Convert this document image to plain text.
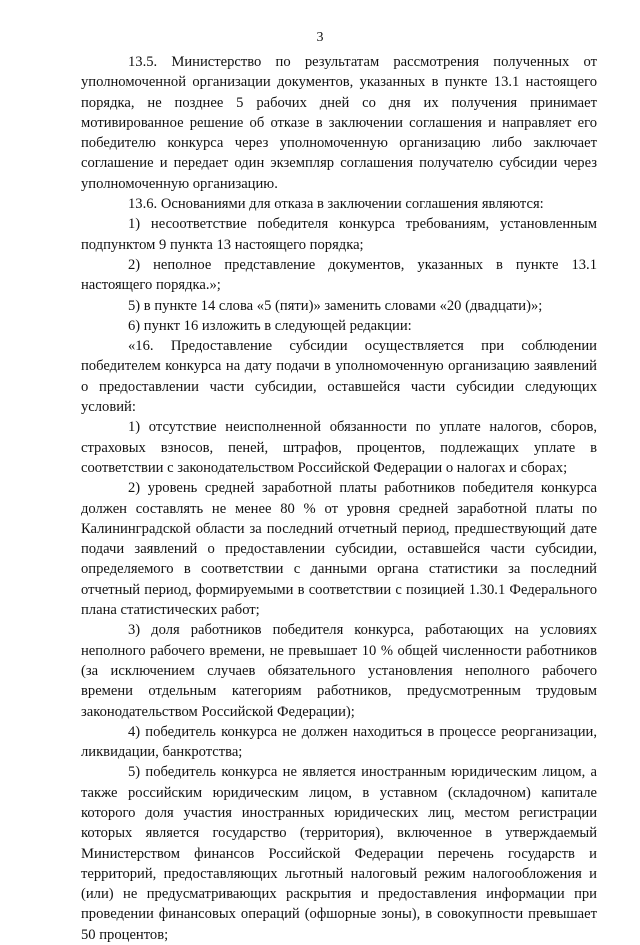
3

13.5. Министерство по результатам рассмотрения полученных от уполномоченной организации документов, указанных в пункте 13.1 настоящего порядка, не позднее 5 рабочих дней со дня их получения принимает мотивированное решение об отказе в заключении соглашения и направляет его победителю конкурса через уполномоченную организацию либо заключает соглашение и передает один экземпляр соглашения получателю субсидии через уполномоченную организацию.

13.6. Основаниями для отказа в заключении соглашения являются:

1) несоответствие победителя конкурса требованиям, установленным подпунктом 9 пункта 13 настоящего порядка;

2) неполное представление документов, указанных в пункте 13.1 настоящего порядка.»;

5) в пункте 14 слова «5 (пяти)» заменить словами «20 (двадцати)»;

6) пункт 16 изложить в следующей редакции:

«16. Предоставление субсидии осуществляется при соблюдении победителем конкурса на дату подачи в уполномоченную организацию заявлений о предоставлении части субсидии, оставшейся части субсидии следующих условий:

1) отсутствие неисполненной обязанности по уплате налогов, сборов, страховых взносов, пеней, штрафов, процентов, подлежащих уплате в соответствии с законодательством Российской Федерации о налогах и сборах;

2) уровень средней заработной платы работников победителя конкурса должен составлять не менее 80 % от уровня средней заработной платы по Калининградской области за последний отчетный период, предшествующий дате подачи заявлений о предоставлении субсидии, оставшейся части субсидии, определяемого в соответствии с данными органа статистики за последний отчетный период, формируемыми в соответствии с позицией 1.30.1 Федерального плана статистических работ;

3) доля работников победителя конкурса, работающих на условиях неполного рабочего времени, не превышает 10 % общей численности работников (за исключением случаев обязательного установления неполного рабочего времени отдельным категориям работников, предусмотренным трудовым законодательством Российской Федерации);

4) победитель конкурса не должен находиться в процессе реорганизации, ликвидации, банкротства;

5) победитель конкурса не является иностранным юридическим лицом, а также российским юридическим лицом, в уставном (складочном) капитале которого доля участия иностранных юридических лиц, местом регистрации которых является государство (территория), включенное в утверждаемый Министерством финансов Российской Федерации перечень государств и территорий, предоставляющих льготный налоговый режим налогообложения и (или) не предусматривающих раскрытия и предоставления информации при проведении финансовых операций (офшорные зоны), в совокупности превышает 50 процентов;
